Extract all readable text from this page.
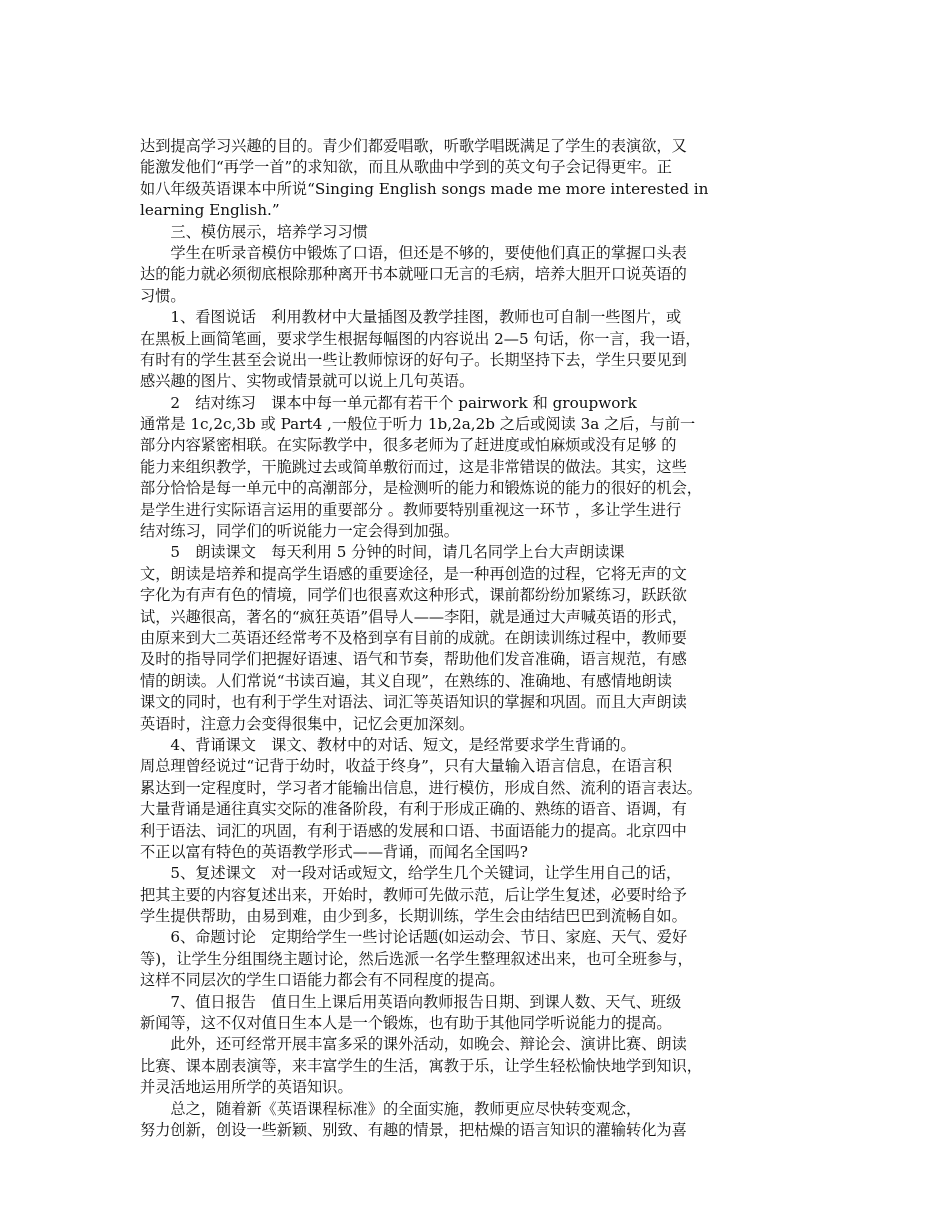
达到提高学习兴趣的目的。青少们都爱唱歌，听歌学唱既满足了学生的表演欲，又
能激发他们“再学一首”的求知欲，而且从歌曲中学到的英文句子会记得更牢。正
如八年级英语课本中所说“Singing English songs made me more interested in
learning English.”
　　三、模仿展示，培养学习习惯
　　学生在听录音模仿中锻炼了口语，但还是不够的，要使他们真正的掌握口头表
达的能力就必须彻底根除那种离开书本就哑口无言的毛病，培养大胆开口说英语的
习惯。
　　1、看图说话　利用教材中大量插图及教学挂图，教师也可自制一些图片，或
在黑板上画简笔画，要求学生根据每幅图的内容说出 2—5 句话，你一言，我一语，
有时有的学生甚至会说出一些让教师惊讶的好句子。长期坚持下去，学生只要见到
感兴趣的图片、实物或情景就可以说上几句英语。
　　2　结对练习　课本中每一单元都有若干个 pairwork 和 groupwork
通常是 1c,2c,3b 或 Part4 ,一般位于听力 1b,2a,2b 之后或阅读 3a 之后，与前一
部分内容紧密相联。在实际教学中，很多老师为了赶进度或怕麻烦或没有足够 的
能力来组织教学，干脆跳过去或简单敷衍而过，这是非常错误的做法。其实，这些
部分恰恰是每一单元中的高潮部分，是检测听的能力和锻炼说的能力的很好的机会，
是学生进行实际语言运用的重要部分 。教师要特别重视这一环节 ，多让学生进行
结对练习，同学们的听说能力一定会得到加强。
　　5　朗读课文　每天利用 5 分钟的时间，请几名同学上台大声朗读课
文，朗读是培养和提高学生语感的重要途径，是一种再创造的过程，它将无声的文
字化为有声有色的情境，同学们也很喜欢这种形式，课前都纷纷加紧练习，跃跃欲
试，兴趣很高，著名的“疯狂英语”倡导人——李阳，就是通过大声喊英语的形式，
由原来到大二英语还经常考不及格到享有目前的成就。在朗读训练过程中，教师要
及时的指导同学们把握好语速、语气和节奏，帮助他们发音准确，语言规范，有感
情的朗读。人们常说“书读百遍，其义自现”，在熟练的、准确地、有感情地朗读
课文的同时，也有利于学生对语法、词汇等英语知识的掌握和巩固。而且大声朗读
英语时，注意力会变得很集中，记忆会更加深刻。
　　4、背诵课文　课文、教材中的对话、短文，是经常要求学生背诵的。
周总理曾经说过“记背于幼时，收益于终身”，只有大量输入语言信息，在语言积
累达到一定程度时，学习者才能输出信息，进行模仿，形成自然、流利的语言表达。
大量背诵是通往真实交际的准备阶段，有利于形成正确的、熟练的语音、语调，有
利于语法、词汇的巩固，有利于语感的发展和口语、书面语能力的提高。北京四中
不正以富有特色的英语教学形式——背诵，而闻名全国吗?
　　5、复述课文　对一段对话或短文，给学生几个关键词，让学生用自己的话，
把其主要的内容复述出来，开始时，教师可先做示范，后让学生复述，必要时给予
学生提供帮助，由易到难，由少到多，长期训练，学生会由结结巴巴到流畅自如。
　　6、命题讨论　定期给学生一些讨论话题(如运动会、节日、家庭、天气、爱好
等)，让学生分组围绕主题讨论，然后选派一名学生整理叙述出来，也可全班参与，
这样不同层次的学生口语能力都会有不同程度的提高。
　　7、值日报告　值日生上课后用英语向教师报告日期、到课人数、天气、班级
新闻等，这不仅对值日生本人是一个锻炼，也有助于其他同学听说能力的提高。
　　此外，还可经常开展丰富多采的课外活动，如晚会、辩论会、演讲比赛、朗读
比赛、课本剧表演等，来丰富学生的生活，寓教于乐，让学生轻松愉快地学到知识，
并灵活地运用所学的英语知识。
　　总之，随着新《英语课程标准》的全面实施，教师更应尽快转变观念，
努力创新，创设一些新颖、别致、有趣的情景，把枯燥的语言知识的灌输转化为喜
